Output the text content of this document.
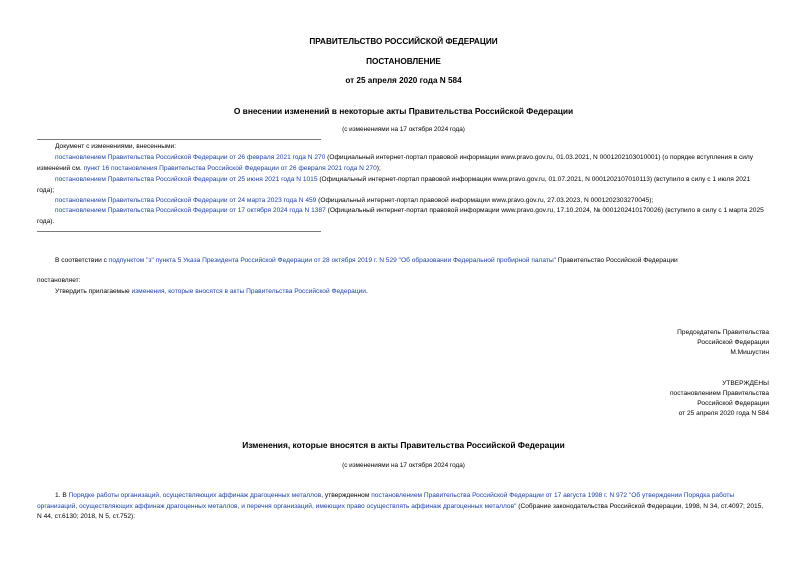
ПРАВИТЕЛЬСТВО РОССИЙСКОЙ ФЕДЕРАЦИИ
ПОСТАНОВЛЕНИЕ
от 25 апреля 2020 года N 584
О внесении изменений в некоторые акты Правительства Российской Федерации
(с изменениями на 17 октября 2024 года)
Документ с изменениями, внесенными:
постановлением Правительства Российской Федерации от 26 февраля 2021 года N 270 (Официальный интернет-портал правовой информации www.pravo.gov.ru, 01.03.2021, N 0001202103010001) (о порядке вступления в силу изменений см. пункт 16 постановления Правительства Российской Федерации от 26 февраля 2021 года N 270);
постановлением Правительства Российской Федерации от 25 июня 2021 года N 1015 (Официальный интернет-портал правовой информации www.pravo.gov.ru, 01.07.2021, N 0001202107010113) (вступило в силу с 1 июля 2021 года);
постановлением Правительства Российской Федерации от 24 марта 2023 года N 459 (Официальный интернет-портал правовой информации www.pravo.gov.ru, 27.03.2023, N 0001202303270045);
постановлением Правительства Российской Федерации от 17 октября 2024 года N 1387 (Официальный интернет-портал правовой информации www.pravo.gov.ru, 17.10.2024, № 0001202410170026) (вступило в силу с 1 марта 2025 года).
В соответствии с подпунктом "з" пункта 5 Указа Президента Российской Федерации от 28 октября 2019 г. N 529 "Об образовании Федеральной пробирной палаты" Правительство Российской Федерации
постановляет:
Утвердить прилагаемые изменения, которые вносятся в акты Правительства Российской Федерации.
Председатель Правительства
Российской Федерации
М.Мишустин
УТВЕРЖДЕНЫ
постановлением Правительства
Российской Федерации
от 25 апреля 2020 года N 584
Изменения, которые вносятся в акты Правительства Российской Федерации
(с изменениями на 17 октября 2024 года)
1. В Порядке работы организаций, осуществляющих аффинаж драгоценных металлов, утвержденном постановлением Правительства Российской Федерации от 17 августа 1998 г. N 972 "Об утверждении Порядка работы организаций, осуществляющих аффинаж драгоценных металлов, и перечня организаций, имеющих право осуществлять аффинаж драгоценных металлов" (Собрание законодательства Российской Федерации, 1998, N 34, ст.4097; 2015, N 44, ст.6130; 2018, N 5, ст.752):
